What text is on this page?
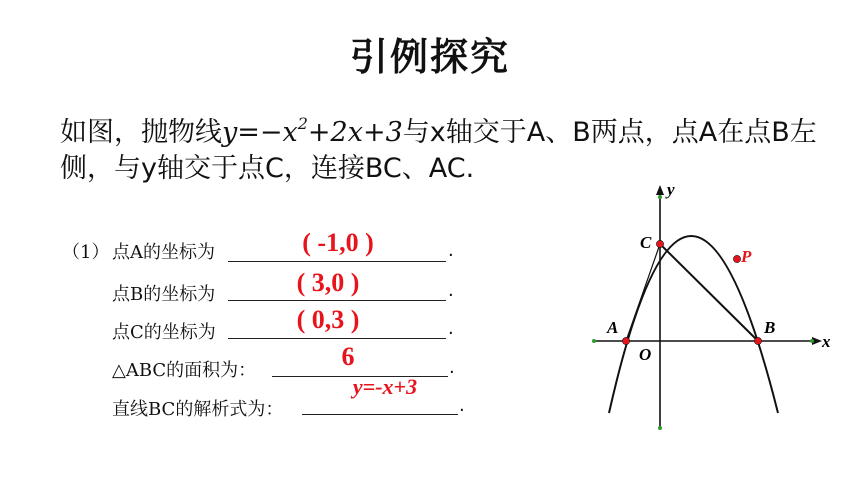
引例探究
如图，抛物线$y=-x^2+2x+3$与x轴交于A、B两点，点A在点B左
侧，与y轴交于点C，连接BC、AC.
（1） 点A的坐标为	.
( -1,0 )
点B的坐标为	.
( 3,0 )
点C的坐标为	.
( 0,3 )
△ABC的面积为：	.
6
直线BC的解析式为：	.
y=-x+3
y
x
A	B
C
O
P
